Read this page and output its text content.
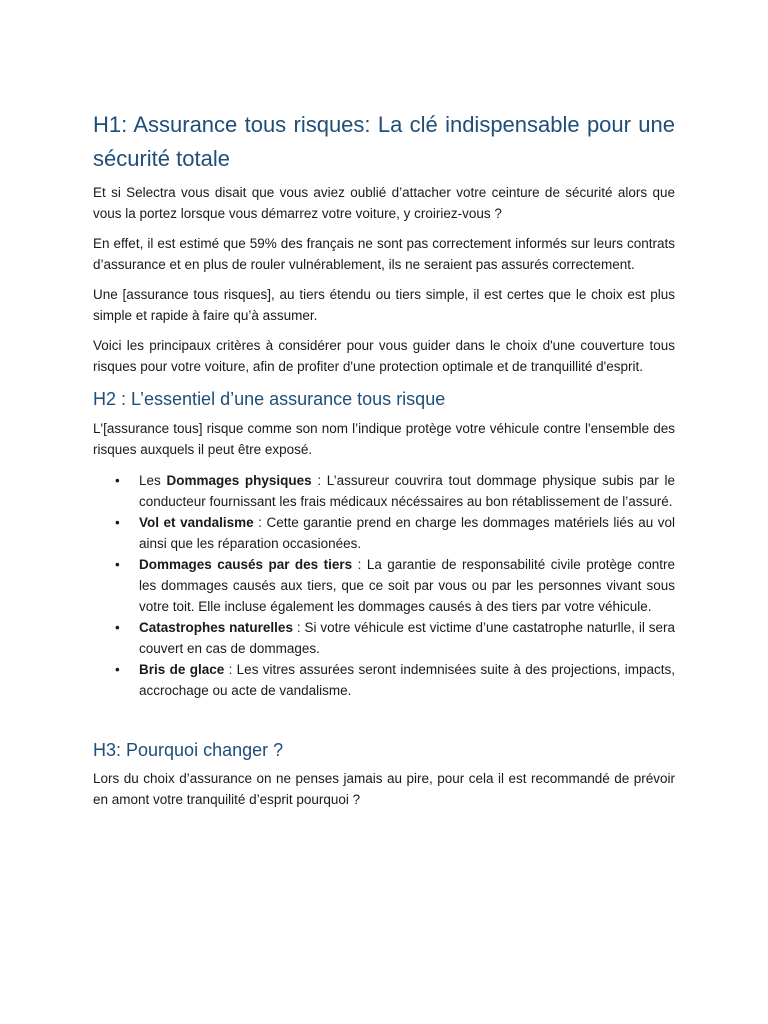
H1: Assurance tous risques: La clé indispensable pour une sécurité totale

Et si Selectra vous disait que vous aviez oublié d’attacher votre ceinture de sécurité alors que vous la portez lorsque vous démarrez votre voiture, y croiriez-vous ?

En effet, il est estimé que 59% des français ne sont pas correctement informés sur leurs contrats d’assurance et en plus de rouler vulnérablement, ils ne seraient pas assurés correctement.

Une [assurance tous risques], au tiers étendu ou tiers simple, il est certes que le choix est plus simple et rapide à faire qu’à assumer.

Voici les principaux critères à considérer pour vous guider dans le choix d'une couverture tous risques pour votre voiture, afin de profiter d'une protection optimale et de tranquillité d'esprit.

H2 : L’essentiel d’une assurance tous risque

L'[assurance tous] risque comme son nom l’indique protège votre véhicule contre l'ensemble des risques auxquels il peut être exposé.

• Les Dommages physiques : L’assureur couvrira tout dommage physique subis par le conducteur fournissant les frais médicaux nécéssaires au bon rétablissement de l’assuré.
• Vol et vandalisme : Cette garantie prend en charge les dommages matériels liés au vol ainsi que les réparation occasionées.
• Dommages causés par des tiers : La garantie de responsabilité civile protège contre les dommages causés aux tiers, que ce soit par vous ou par les personnes vivant sous votre toit. Elle incluse également les dommages causés à des tiers par votre véhicule.
• Catastrophes naturelles : Si votre véhicule est victime d’une castatrophe naturlle, il sera couvert en cas de dommages.
• Bris de glace : Les vitres assurées seront indemnisées suite à des projections, impacts, accrochage ou acte de vandalisme.
H3: Pourquoi changer ?

Lors du choix d’assurance on ne penses jamais au pire, pour cela il est recommandé de prévoir en amont votre tranquilité d’esprit pourquoi ?
